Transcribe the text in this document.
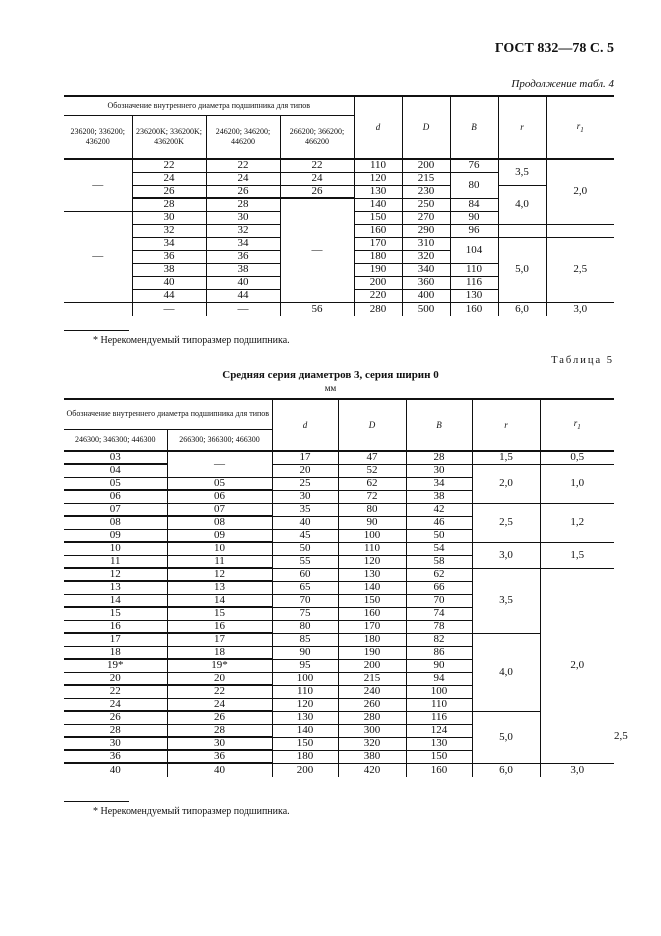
ГОСТ 832—78 С. 5
Продолжение табл. 4
Обозначение внутреннего диаметра подшипника для типов				d	D	B	r	$r_1$
236200; 336200; 436200	236200K; 336200K; 436200K	246200; 346200; 446200	266200; 366200; 466200					
—	22	22	22	110	200	76	3,5	2,0
	24	24	24	120	215	80		
	26	26	26	130	230		4,0	
	28	28	—	140	250	84		
—	30	30		150	270	90		
	32	32		160	290	96		
	34	34		170	310	104	5,0	2,5
	36	36		180	320			
	38	38		190	340	110		
	40	40		200	360	116		
	44	44		220	400	130		
	—	—	56	280	500	160	6,0	3,0
* Нерекомендуемый типоразмер подшипника.
Таблица 5
Средняя серия диаметров 3, серия ширин 0
мм
Обозначение внутреннего диаметра подшипника для типов		d	D	B	r	$r_1$
246300; 346300; 446300	266300; 366300; 466300						
03	—	17	47	28	1,5	0,5	
04		20	52	30	2,0	1,0	
05	05	25	62	34			
06	06	30	72	38			
07	07	35	80	42	2,5	1,2	
08	08	40	90	46			
09	09	45	100	50			
10	10	50	110	54	3,0	1,5	
11	11	55	120	58			
12	12	60	130	62	3,5	2,0	
13	13	65	140	66			
14	14	70	150	70			
15	15	75	160	74			
16	16	80	170	78			
17	17	85	180	82	4,0		
18	18	90	190	86			
19*	19*	95	200	90			
20	20	100	215	94			
22	22	110	240	100			
24	24	120	260	110			
26	26	130	280	116	5,0		2,5
28	28	140	300	124			
30	30	150	320	130			
36	36	180	380	150			
40	40	200	420	160	6,0	3,0	
* Нерекомендуемый типоразмер подшипника.
